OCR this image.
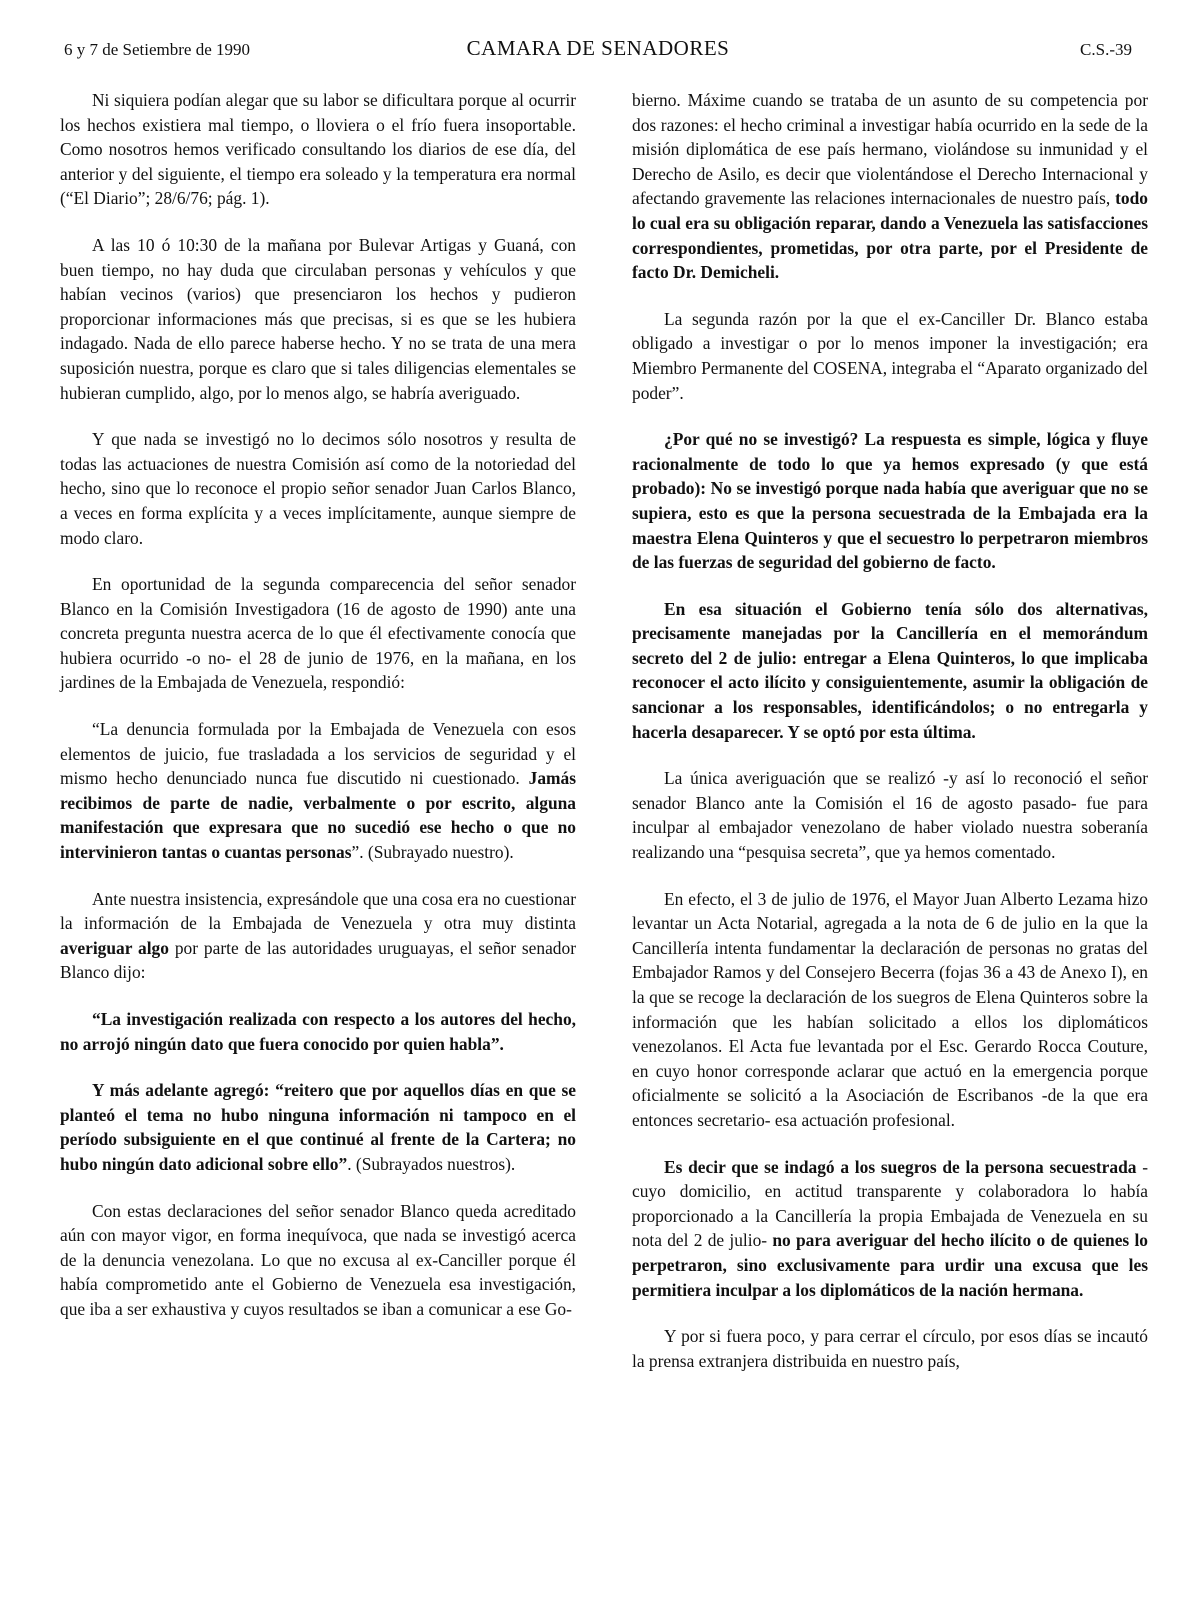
6 y 7 de Setiembre de 1990	CAMARA DE SENADORES	C.S.-39

Ni siquiera podían alegar que su labor se dificultara porque al ocurrir los hechos existiera mal tiempo, o lloviera o el frío fuera insoportable. Como nosotros hemos verificado consultando los diarios de ese día, del anterior y del siguiente, el tiempo era soleado y la temperatura era normal (“El Diario”; 28/6/76; pág. 1).

A las 10 ó 10:30 de la mañana por Bulevar Artigas y Guaná, con buen tiempo, no hay duda que circulaban personas y vehículos y que habían vecinos (varios) que presenciaron los hechos y pudieron proporcionar informaciones más que precisas, si es que se les hubiera indagado. Nada de ello parece haberse hecho. Y no se trata de una mera suposición nuestra, porque es claro que si tales diligencias elementales se hubieran cumplido, algo, por lo menos algo, se habría averiguado.

Y que nada se investigó no lo decimos sólo nosotros y resulta de todas las actuaciones de nuestra Comisión así como de la notoriedad del hecho, sino que lo reconoce el propio señor senador Juan Carlos Blanco, a veces en forma explícita y a veces implícitamente, aunque siempre de modo claro.

En oportunidad de la segunda comparecencia del señor senador Blanco en la Comisión Investigadora (16 de agosto de 1990) ante una concreta pregunta nuestra acerca de lo que él efectivamente conocía que hubiera ocurrido -o no- el 28 de junio de 1976, en la mañana, en los jardines de la Embajada de Venezuela, respondió:

“La denuncia formulada por la Embajada de Venezuela con esos elementos de juicio, fue trasladada a los servicios de seguridad y el mismo hecho denunciado nunca fue discutido ni cuestionado. Jamás recibimos de parte de nadie, verbalmente o por escrito, alguna manifestación que expresara que no sucedió ese hecho o que no intervinieron tantas o cuantas personas”. (Subrayado nuestro).

Ante nuestra insistencia, expresándole que una cosa era no cuestionar la información de la Embajada de Venezuela y otra muy distinta averiguar algo por parte de las autoridades uruguayas, el señor senador Blanco dijo:

“La investigación realizada con respecto a los autores del hecho, no arrojó ningún dato que fuera conocido por quien habla”.

Y más adelante agregó: “reitero que por aquellos días en que se planteó el tema no hubo ninguna información ni tampoco en el período subsiguiente en el que continué al frente de la Cartera; no hubo ningún dato adicional sobre ello”. (Subrayados nuestros).

Con estas declaraciones del señor senador Blanco queda acreditado aún con mayor vigor, en forma inequívoca, que nada se investigó acerca de la denuncia venezolana. Lo que no excusa al ex-Canciller porque él había comprometido ante el Gobierno de Venezuela esa investigación, que iba a ser exhaustiva y cuyos resultados se iban a comunicar a ese Go-

bierno. Máxime cuando se trataba de un asunto de su competencia por dos razones: el hecho criminal a investigar había ocurrido en la sede de la misión diplomática de ese país hermano, violándose su inmunidad y el Derecho de Asilo, es decir que violentándose el Derecho Internacional y afectando gravemente las relaciones internacionales de nuestro país, todo lo cual era su obligación reparar, dando a Venezuela las satisfacciones correspondientes, prometidas, por otra parte, por el Presidente de facto Dr. Demicheli.

La segunda razón por la que el ex-Canciller Dr. Blanco estaba obligado a investigar o por lo menos imponer la investigación; era Miembro Permanente del COSENA, integraba el “Aparato organizado del poder”.

¿Por qué no se investigó? La respuesta es simple, lógica y fluye racionalmente de todo lo que ya hemos expresado (y que está probado): No se investigó porque nada había que averiguar que no se supiera, esto es que la persona secuestrada de la Embajada era la maestra Elena Quinteros y que el secuestro lo perpetraron miembros de las fuerzas de seguridad del gobierno de facto.

En esa situación el Gobierno tenía sólo dos alternativas, precisamente manejadas por la Cancillería en el memorándum secreto del 2 de julio: entregar a Elena Quinteros, lo que implicaba reconocer el acto ilícito y consiguientemente, asumir la obligación de sancionar a los responsables, identificándolos; o no entregarla y hacerla desaparecer. Y se optó por esta última.

La única averiguación que se realizó -y así lo reconoció el señor senador Blanco ante la Comisión el 16 de agosto pasado- fue para inculpar al embajador venezolano de haber violado nuestra soberanía realizando una “pesquisa secreta”, que ya hemos comentado.

En efecto, el 3 de julio de 1976, el Mayor Juan Alberto Lezama hizo levantar un Acta Notarial, agregada a la nota de 6 de julio en la que la Cancillería intenta fundamentar la declaración de personas no gratas del Embajador Ramos y del Consejero Becerra (fojas 36 a 43 de Anexo I), en la que se recoge la declaración de los suegros de Elena Quinteros sobre la información que les habían solicitado a ellos los diplomáticos venezolanos. El Acta fue levantada por el Esc. Gerardo Rocca Couture, en cuyo honor corresponde aclarar que actuó en la emergencia porque oficialmente se solicitó a la Asociación de Escribanos -de la que era entonces secretario- esa actuación profesional.

Es decir que se indagó a los suegros de la persona secuestrada -cuyo domicilio, en actitud transparente y colaboradora lo había proporcionado a la Cancillería la propia Embajada de Venezuela en su nota del 2 de julio- no para averiguar del hecho ilícito o de quienes lo perpetraron, sino exclusivamente para urdir una excusa que les permitiera inculpar a los diplomáticos de la nación hermana.

Y por si fuera poco, y para cerrar el círculo, por esos días se incautó la prensa extranjera distribuida en nuestro país,
